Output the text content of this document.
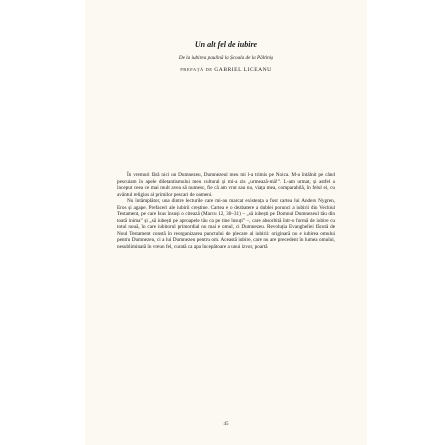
Un alt fel de iubire
De la iubirea paulină la Școala de la Păltiniș
PREFAȚĂ DE GABRIEL LICEANU

În vremuri fără nici un Dumnezeu, Dumnezeul meu mi l-a trimis pe Noica. M-a întâlnit pe când pescuiam în apele diletantismului meu cultural și mi-a zis „urmează-mă!”. L-am urmat, și astfel a început ceea ce mai mult avea să numesc, fie că am vrut sau nu, viața mea, comparabilă, în felul ei, cu avântul religios al primilor pescari de oameni.

Nu întâmplător, una dintre lecturile care mi-au marcat existența a fost cartea lui Anders Nygren, Eros și agape. Prefaceri ale iubirii creștine. Cartea e o dezbatere a dublei porunci a iubirii din Vechiul Testament, pe care Isus însuși o citează (Marcu 12, 30–31) – „să iubești pe Domnul Dumnezeul tău din toată inima” și „să iubești pe aproapele tău ca pe tine însuți” –, care absorbită într-o formă de iubire cu totul nouă, în care iubitorul primordial nu mai e omul, ci Dumnezeu. Revoluția Evangheliei făcută de Noul Testament constă în reorganizarea punctului de plecare al iubirii: originară nu e iubirea omului pentru Dumnezeu, ci a lui Dumnezeu pentru om. Această iubire, care nu are precedent în lumea omului, nesubliminată în vreun fel, curată ca apa începătoare a unui izvor, poartă

45
